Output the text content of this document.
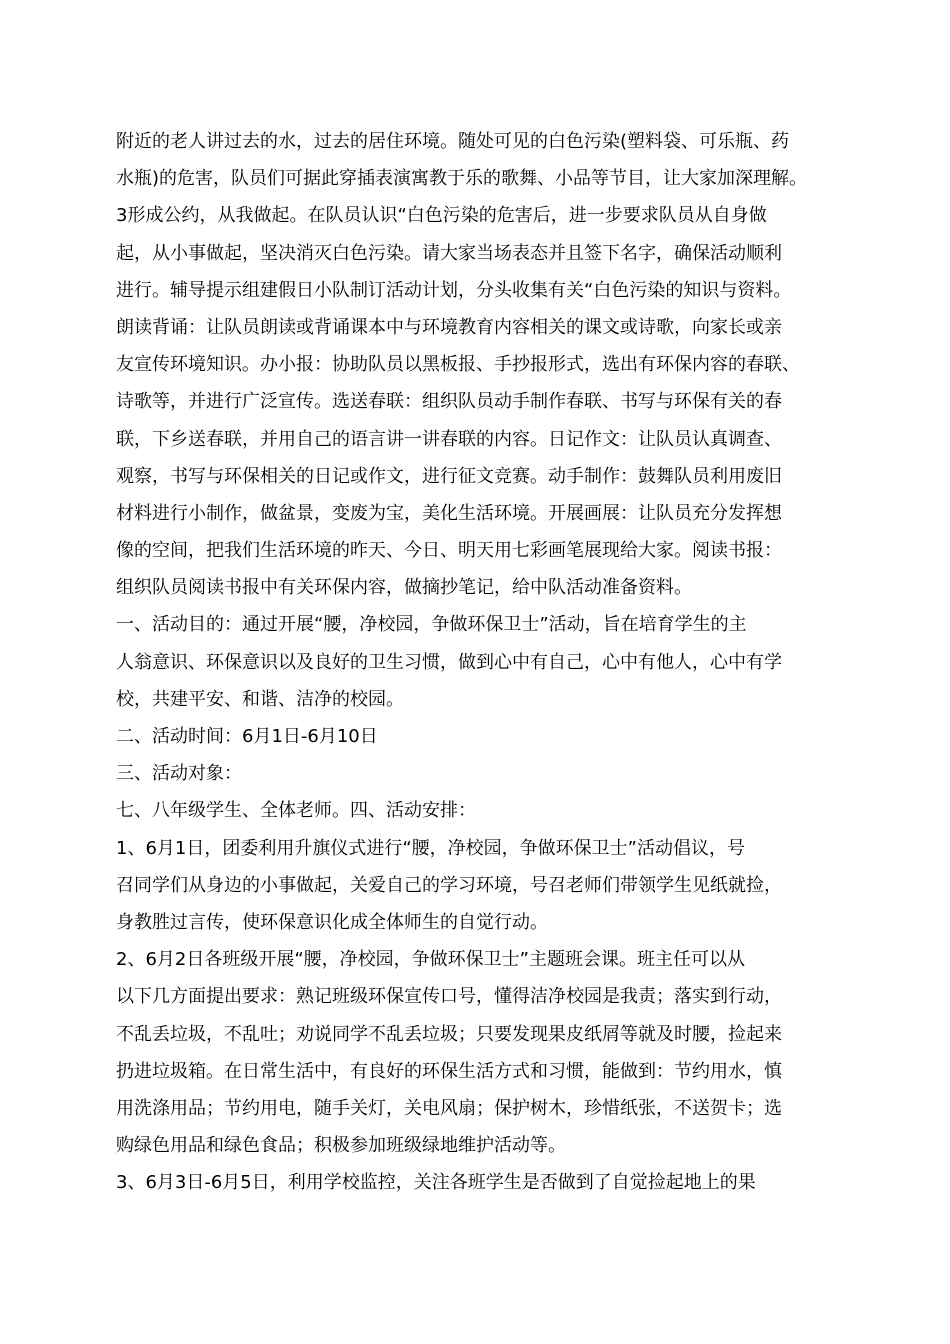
附近的老人讲过去的水，过去的居住环境。随处可见的白色污染(塑料袋、可乐瓶、药
水瓶)的危害，队员们可据此穿插表演寓教于乐的歌舞、小品等节目，让大家加深理解。
3形成公约，从我做起。在队员认识“白色污染的危害后，进一步要求队员从自身做
起，从小事做起，坚决消灭白色污染。请大家当场表态并且签下名字，确保活动顺利
进行。辅导提示组建假日小队制订活动计划，分头收集有关“白色污染的知识与资料。
朗读背诵：让队员朗读或背诵课本中与环境教育内容相关的课文或诗歌，向家长或亲
友宣传环境知识。办小报：协助队员以黑板报、手抄报形式，选出有环保内容的春联、
诗歌等，并进行广泛宣传。选送春联：组织队员动手制作春联、书写与环保有关的春
联，下乡送春联，并用自己的语言讲一讲春联的内容。日记作文：让队员认真调查、
观察，书写与环保相关的日记或作文，进行征文竞赛。动手制作：鼓舞队员利用废旧
材料进行小制作，做盆景，变废为宝，美化生活环境。开展画展：让队员充分发挥想
像的空间，把我们生活环境的昨天、今日、明天用七彩画笔展现给大家。阅读书报：
组织队员阅读书报中有关环保内容，做摘抄笔记，给中队活动准备资料。
一、活动目的：通过开展“腰，净校园，争做环保卫士”活动，旨在培育学生的主
人翁意识、环保意识以及良好的卫生习惯，做到心中有自己，心中有他人，心中有学
校，共建平安、和谐、洁净的校园。
二、活动时间：6月1日-6月10日
三、活动对象：
七、八年级学生、全体老师。四、活动安排：
1、6月1日，团委利用升旗仪式进行“腰，净校园，争做环保卫士”活动倡议，号
召同学们从身边的小事做起，关爱自己的学习环境，号召老师们带领学生见纸就捡，
身教胜过言传，使环保意识化成全体师生的自觉行动。
2、6月2日各班级开展“腰，净校园，争做环保卫士”主题班会课。班主任可以从
以下几方面提出要求：熟记班级环保宣传口号，懂得洁净校园是我责；落实到行动，
不乱丢垃圾，不乱吐；劝说同学不乱丢垃圾；只要发现果皮纸屑等就及时腰，捡起来
扔进垃圾箱。在日常生活中，有良好的环保生活方式和习惯，能做到：节约用水，慎
用洗涤用品；节约用电，随手关灯，关电风扇；保护树木，珍惜纸张，不送贺卡；选
购绿色用品和绿色食品；积极参加班级绿地维护活动等。
3、6月3日-6月5日，利用学校监控，关注各班学生是否做到了自觉捡起地上的果
